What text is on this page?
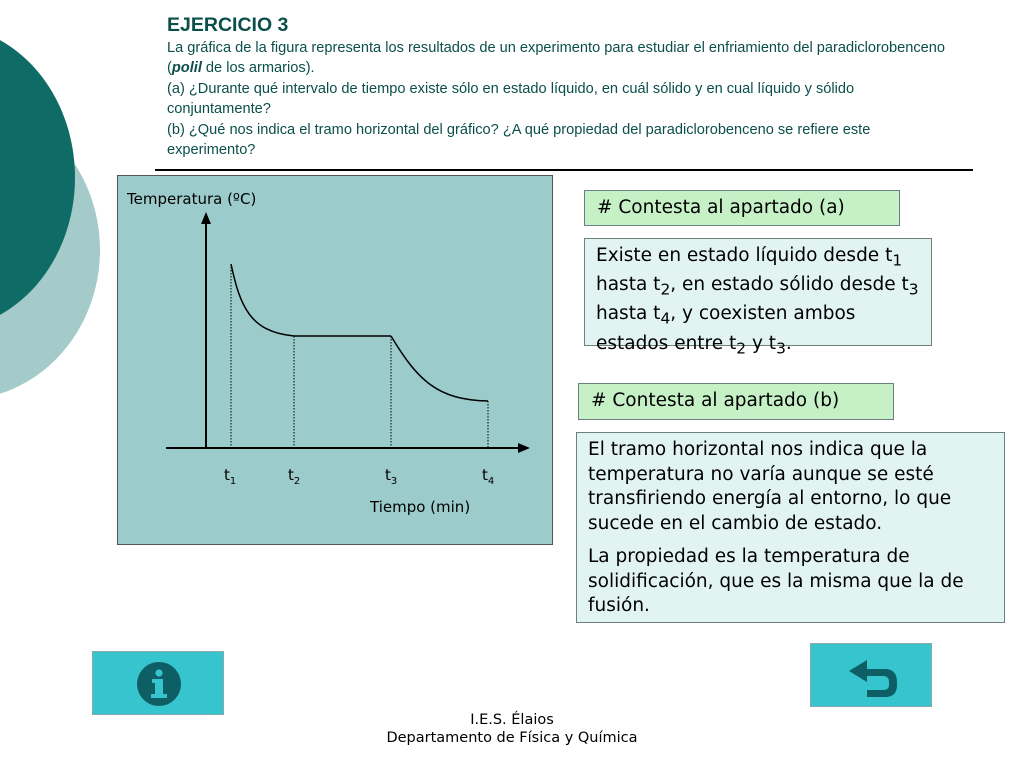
EJERCICIO 3
La gráfica de la figura representa los resultados de un experimento para estudiar el enfriamiento del paradiclorobenceno (polil de los armarios).
(a) ¿Durante qué intervalo de tiempo existe sólo en estado líquido, en cuál sólido y en cual líquido y sólido conjuntamente?
(b) ¿Qué nos indica el tramo horizontal del gráfico? ¿A qué propiedad del paradiclorobenceno se refiere este experimento?
Temperatura (ºC)
$t_1$	$t_2$	$t_3$	$t_4$
Tiempo (min)
# Contesta al apartado (a)

Existe en estado líquido desde $t_1$ hasta $t_2$, en estado sólido desde $t_3$ hasta $t_4$, y coexisten ambos estados entre $t_2$ y $t_3$.

# Contesta al apartado (b)

El tramo horizontal nos indica que la temperatura no varía aunque se esté transfiriendo energía al entorno, lo que sucede en el cambio de estado.

La propiedad es la temperatura de solidificación, que es la misma que la de fusión.

I.E.S. Élaios
Departamento de Física y Química
